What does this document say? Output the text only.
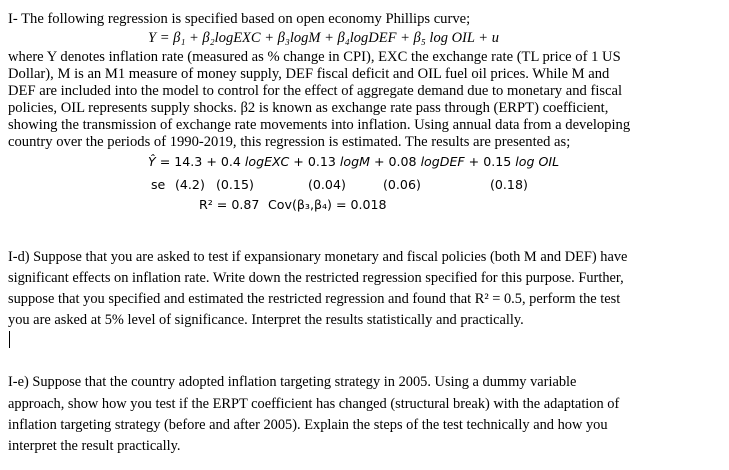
I- The following regression is specified based on open economy Phillips curve;
Y = β₁ + β₂logEXC + β₃logM + β₄logDEF + β₅ log OIL + u
where Y denotes inflation rate (measured as % change in CPI), EXC the exchange rate (TL price of 1 US
Dollar), M is an M1 measure of money supply, DEF fiscal deficit and OIL fuel oil prices. While M and
DEF are included into the model to control for the effect of aggregate demand due to monetary and fiscal
policies, OIL represents supply shocks. β2 is known as exchange rate pass through (ERPT) coefficient,
showing the transmission of exchange rate movements into inflation. Using annual data from a developing
country over the periods of 1990-2019, this regression is estimated. The results are presented as;
Ŷ = 14.3 + 0.4 logEXC + 0.13 logM + 0.08 logDEF + 0.15 log OIL
se (4.2) (0.15)	(0.04)	(0.06)	(0.18)
R² = 0.87 Cov(β₃,β₄) = 0.018
I-d) Suppose that you are asked to test if expansionary monetary and fiscal policies (both M and DEF) have
significant effects on inflation rate. Write down the restricted regression specified for this purpose. Further,
suppose that you specified and estimated the restricted regression and found that R² = 0.5, perform the test
you are asked at 5% level of significance. Interpret the results statistically and practically.
I-e) Suppose that the country adopted inflation targeting strategy in 2005. Using a dummy variable
approach, show how you test if the ERPT coefficient has changed (structural break) with the adaptation of
inflation targeting strategy (before and after 2005). Explain the steps of the test technically and how you
interpret the result practically.
